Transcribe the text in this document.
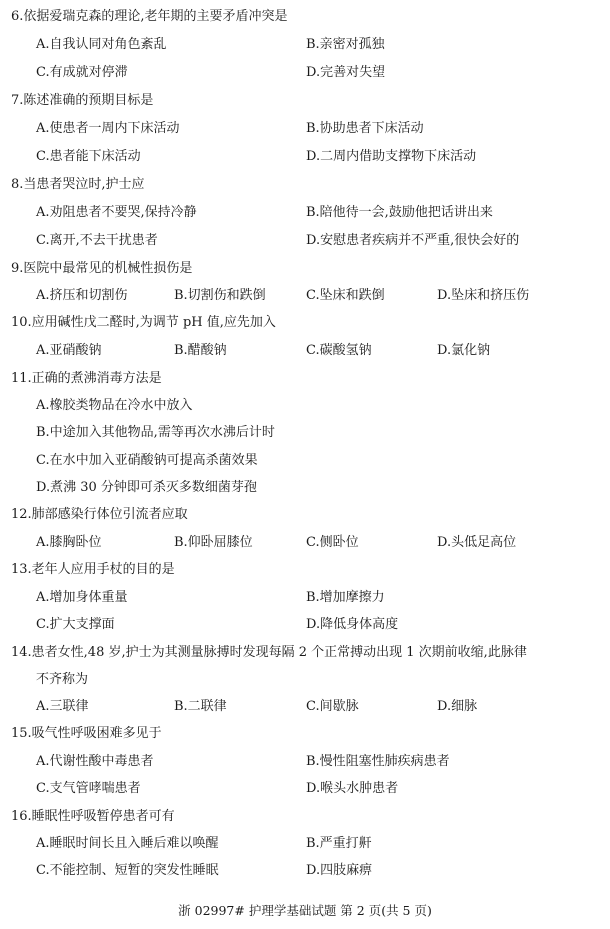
6.依据爱瑞克森的理论,老年期的主要矛盾冲突是
A.自我认同对角色紊乱	B.亲密对孤独
C.有成就对停滞	D.完善对失望
7.陈述准确的预期目标是
A.使患者一周内下床活动	B.协助患者下床活动
C.患者能下床活动	D.二周内借助支撑物下床活动
8.当患者哭泣时,护士应
A.劝阻患者不要哭,保持冷静	B.陪他待一会,鼓励他把话讲出来
C.离开,不去干扰患者	D.安慰患者疾病并不严重,很快会好的
9.医院中最常见的机械性损伤是
A.挤压和切割伤	B.切割伤和跌倒	C.坠床和跌倒	D.坠床和挤压伤
10.应用碱性戊二醛时,为调节 pH 值,应先加入
A.亚硝酸钠	B.醋酸钠	C.碳酸氢钠	D.氯化钠
11.正确的煮沸消毒方法是
A.橡胶类物品在冷水中放入
B.中途加入其他物品,需等再次水沸后计时
C.在水中加入亚硝酸钠可提高杀菌效果
D.煮沸 30 分钟即可杀灭多数细菌芽孢
12.肺部感染行体位引流者应取
A.膝胸卧位	B.仰卧屈膝位	C.侧卧位	D.头低足高位
13.老年人应用手杖的目的是
A.增加身体重量	B.增加摩擦力
C.扩大支撑面	D.降低身体高度
14.患者女性,48 岁,护士为其测量脉搏时发现每隔 2 个正常搏动出现 1 次期前收缩,此脉律
不齐称为
A.三联律	B.二联律	C.间歇脉	D.细脉
15.吸气性呼吸困难多见于
A.代谢性酸中毒患者	B.慢性阻塞性肺疾病患者
C.支气管哮喘患者	D.喉头水肿患者
16.睡眠性呼吸暂停患者可有
A.睡眠时间长且入睡后难以唤醒	B.严重打鼾
C.不能控制、短暂的突发性睡眠	D.四肢麻痹
浙 02997# 护理学基础试题 第 2 页(共 5 页)
